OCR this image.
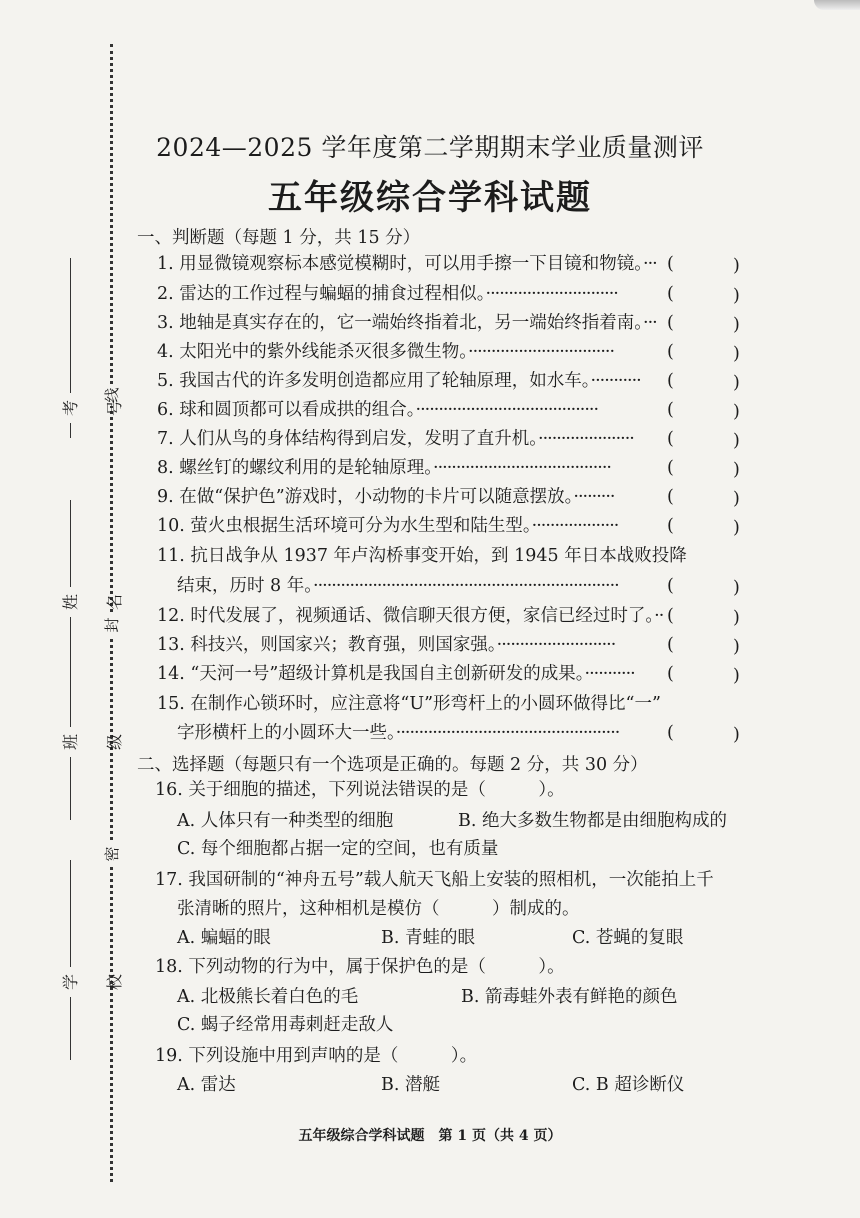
线
封
密
考号
姓名
班级
学校
2024—2025 学年度第二学期期末学业质量测评
五年级综合学科试题
一、判断题（每题 1 分，共 15 分）
1. 用显微镜观察标本感觉模糊时，可以用手擦一下目镜和物镜。··· (	)
2. 雷达的工作过程与蝙蝠的捕食过程相似。·····························	(	)
3. 地轴是真实存在的，它一端始终指着北，另一端始终指着南。··· (	)
4. 太阳光中的紫外线能杀灭很多微生物。································	(	)
5. 我国古代的许多发明创造都应用了轮轴原理，如水车。··········· (	)
6. 球和圆顶都可以看成拱的组合。········································	(	)
7. 人们从鸟的身体结构得到启发，发明了直升机。····················· (	)
8. 螺丝钉的螺纹利用的是轮轴原理。·······································	(	)
9. 在做“保护色”游戏时，小动物的卡片可以随意摆放。·········	(	)
10. 萤火虫根据生活环境可分为水生型和陆生型。···················	(	)
11. 抗日战争从 1937 年卢沟桥事变开始，到 1945 年日本战败投降
结束，历时 8 年。···································································	(	)
12. 时代发展了，视频通话、微信聊天很方便，家信已经过时了。·· (	)
13. 科技兴，则国家兴；教育强，则国家强。··························	(	)
14. “天河一号”超级计算机是我国自主创新研发的成果。··········· (	)
15. 在制作心锁环时，应注意将“U”形弯杆上的小圆环做得比“一”
字形横杆上的小圆环大一些。·················································	(	)
二、选择题（每题只有一个选项是正确的。每题 2 分，共 30 分）
16. 关于细胞的描述，下列说法错误的是（　　　）。
A. 人体只有一种类型的细胞	B. 绝大多数生物都是由细胞构成的
C. 每个细胞都占据一定的空间，也有质量
17. 我国研制的“神舟五号”载人航天飞船上安装的照相机，一次能拍上千
张清晰的照片，这种相机是模仿（　　　）制成的。
A. 蝙蝠的眼	B. 青蛙的眼	C. 苍蝇的复眼
18. 下列动物的行为中，属于保护色的是（　　　）。
A. 北极熊长着白色的毛	B. 箭毒蛙外表有鲜艳的颜色
C. 蝎子经常用毒刺赶走敌人
19. 下列设施中用到声呐的是（　　　）。
A. 雷达	B. 潜艇	C. B 超诊断仪
五年级综合学科试题　第 1 页（共 4 页）
